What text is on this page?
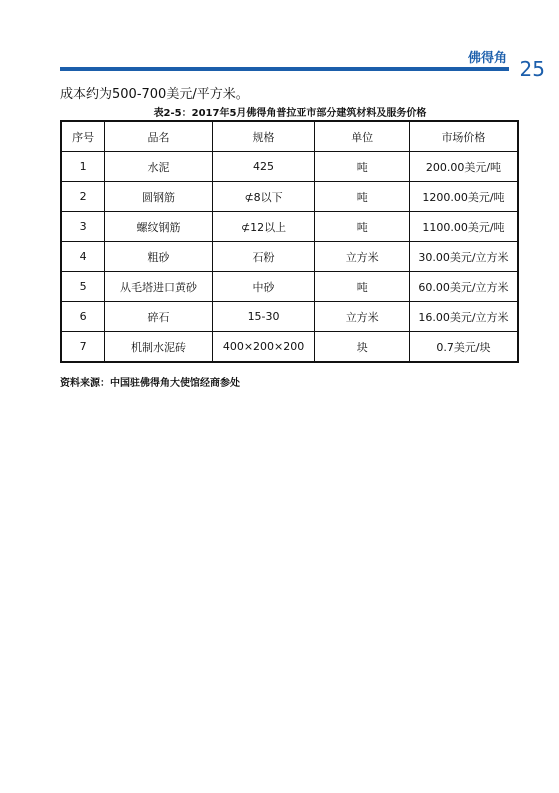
佛得角 25
成本约为500-700美元/平方米。
表2-5：2017年5月佛得角普拉亚市部分建筑材料及服务价格
序号	品名	规格	单位	市场价格
1	水泥	425	吨	200.00美元/吨
2	圆钢筋	⊄8以下	吨	1200.00美元/吨
3	螺纹钢筋	⊄12以上	吨	1100.00美元/吨
4	粗砂	石粉	立方米	30.00美元/立方米
5	从毛塔进口黄砂	中砂	吨	60.00美元/立方米
6	碎石	15-30	立方米	16.00美元/立方米
7	机制水泥砖	400×200×200	块	0.7美元/块
资料来源：中国驻佛得角大使馆经商参处
